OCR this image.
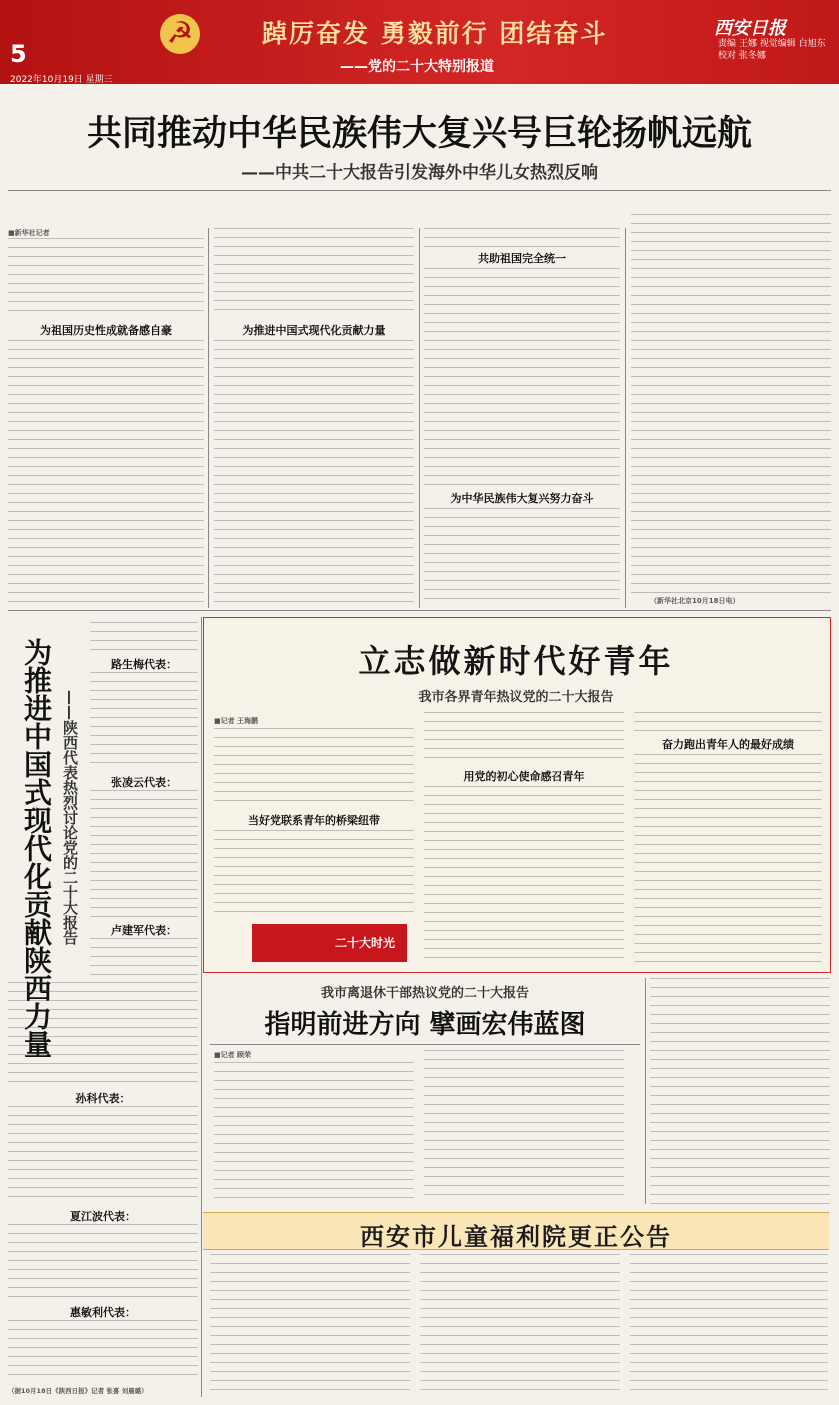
5
2022年10月19日 星期三
☭	踔厉奋发 勇毅前行 团结奋斗
——党的二十大特别报道
西安日报
责编 王娜 视觉编辑 白旭东 校对 张冬娜
共同推动中华民族伟大复兴号巨轮扬帆远航
——中共二十大报告引发海外中华儿女热烈反响
■新华社记者
为祖国历史性成就备感自豪	为推进中国式现代化贡献力量
共助祖国完全统一
为中华民族伟大复兴努力奋斗
（新华社北京10月18日电）
为推进中国式现代化贡献陕西力量 ——陕西代表热烈讨论党的二十大报告
路生梅代表：
张凌云代表：
卢建军代表：
孙科代表：
夏江波代表：
惠敏利代表：
（据10月18日《陕西日报》记者 张喜 刘晨璐）
立志做新时代好青年
我市各界青年热议党的二十大报告
■记者 王海鹏
当好党联系青年的桥梁纽带
二十大时光
用党的初心使命感召青年
奋力跑出青年人的最好成绩
我市离退休干部热议党的二十大报告
指明前进方向 擘画宏伟蓝图
■记者 顾荣
西安市儿童福利院更正公告
